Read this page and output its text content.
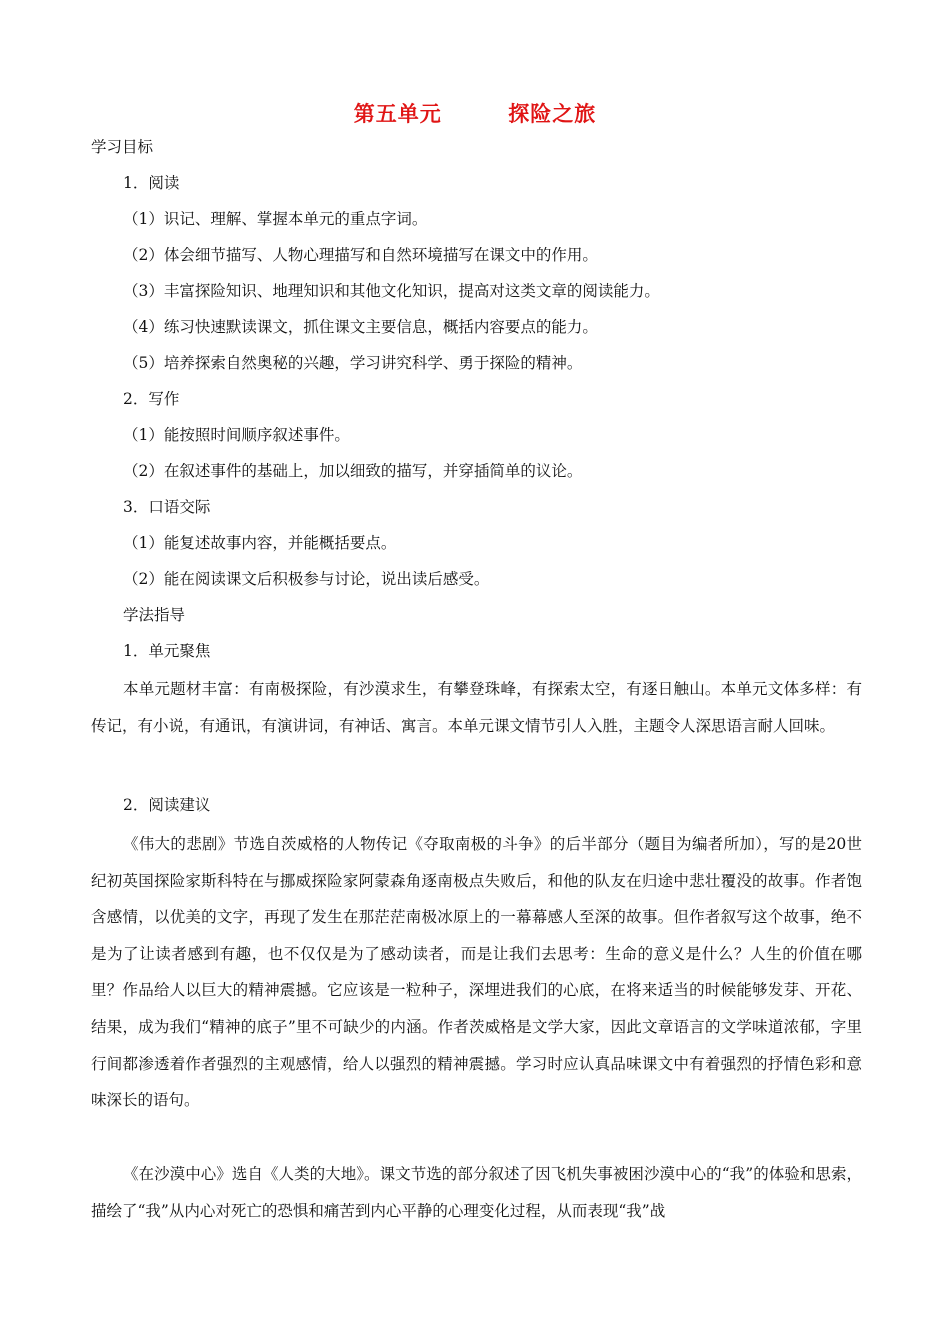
第五单元        探险之旅
学习目标
1．阅读
（1）识记、理解、掌握本单元的重点字词。
（2）体会细节描写、人物心理描写和自然环境描写在课文中的作用。
（3）丰富探险知识、地理知识和其他文化知识，提高对这类文章的阅读能力。
（4）练习快速默读课文，抓住课文主要信息，概括内容要点的能力。
（5）培养探索自然奥秘的兴趣，学习讲究科学、勇于探险的精神。
2．写作
（1）能按照时间顺序叙述事件。
（2）在叙述事件的基础上，加以细致的描写，并穿插简单的议论。
3．口语交际
（1）能复述故事内容，并能概括要点。
（2）能在阅读课文后积极参与讨论，说出读后感受。
学法指导
1．单元聚焦
本单元题材丰富：有南极探险，有沙漠求生，有攀登珠峰，有探索太空，有逐日触山。本单元文体多样：有传记，有小说，有通讯，有演讲词，有神话、寓言。本单元课文情节引人入胜，主题令人深思语言耐人回味。
2．阅读建议
《伟大的悲剧》节选自茨威格的人物传记《夺取南极的斗争》的后半部分（题目为编者所加），写的是20世纪初英国探险家斯科特在与挪威探险家阿蒙森角逐南极点失败后，和他的队友在归途中悲壮覆没的故事。作者饱含感情，以优美的文字，再现了发生在那茫茫南极冰原上的一幕幕感人至深的故事。但作者叙写这个故事，绝不是为了让读者感到有趣，也不仅仅是为了感动读者，而是让我们去思考：生命的意义是什么？人生的价值在哪里？作品给人以巨大的精神震撼。它应该是一粒种子，深埋进我们的心底，在将来适当的时候能够发芽、开花、结果，成为我们“精神的底子”里不可缺少的内涵。作者茨威格是文学大家，因此文章语言的文学味道浓郁，字里行间都渗透着作者强烈的主观感情，给人以强烈的精神震撼。学习时应认真品味课文中有着强烈的抒情色彩和意味深长的语句。
《在沙漠中心》选自《人类的大地》。课文节选的部分叙述了因飞机失事被困沙漠中心的“我”的体验和思索，描绘了“我”从内心对死亡的恐惧和痛苦到内心平静的心理变化过程，从而表现“我”战
